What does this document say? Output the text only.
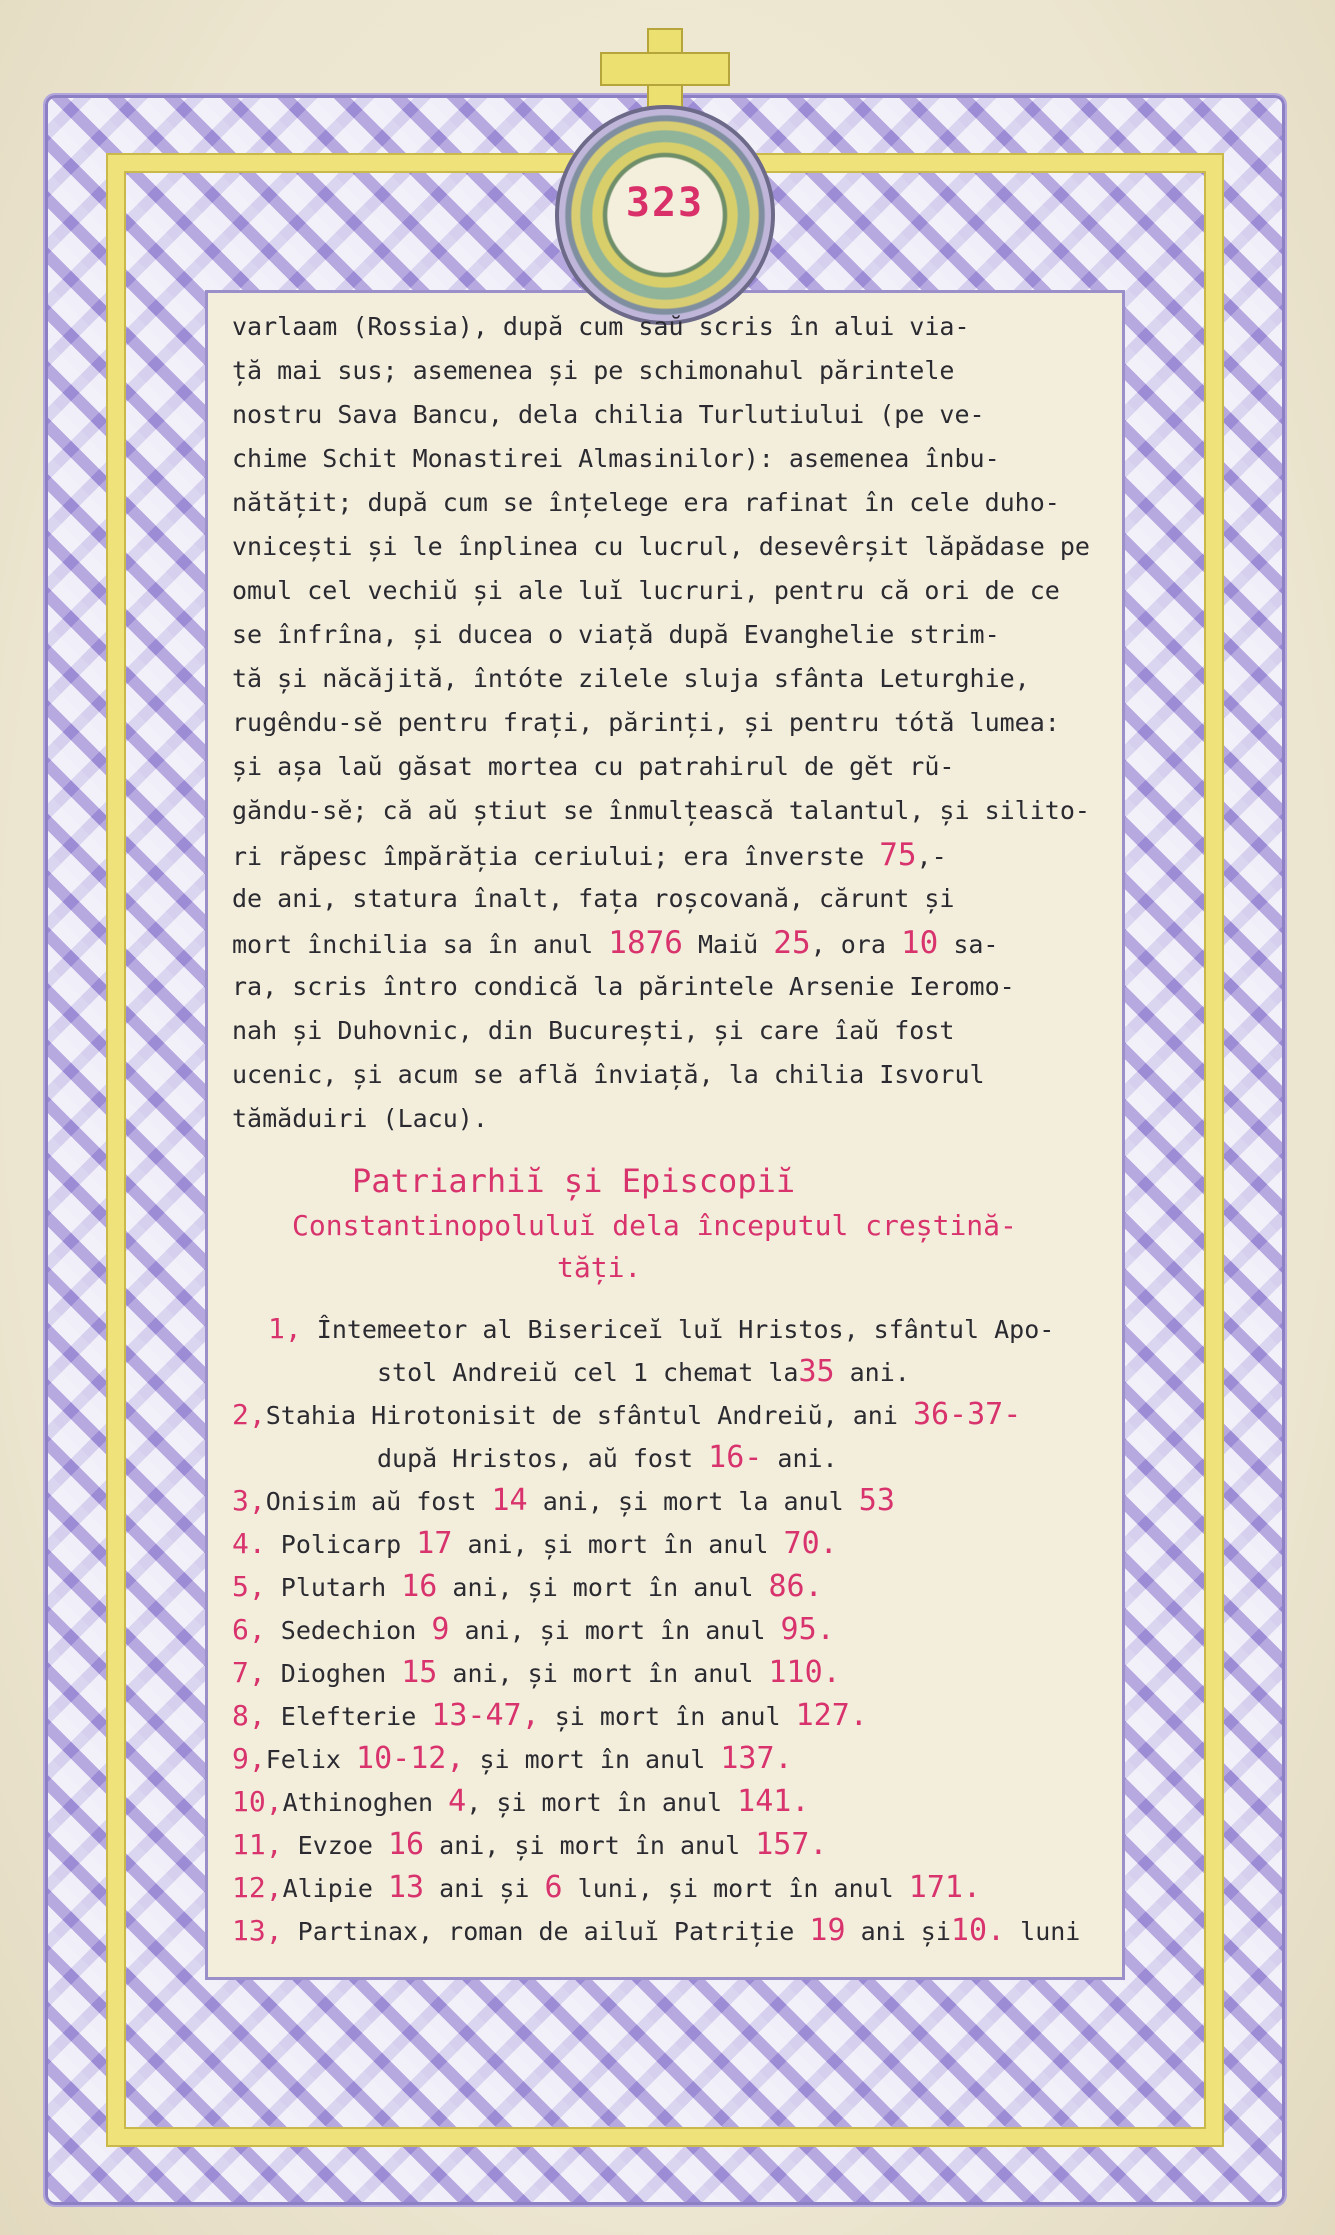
323
varlaam (Rossia), după cum saŭ scris în alui via-
ță mai sus; asemenea și pe schimonahul părintele
nostru Sava Bancu, dela chilia Turlutiului (pe ve-
chime Schit Monastirei Almasinilor): asemenea înbu-
nătățit; după cum se înțelege era rafinat în cele duho-
vnicești și le înplinea cu lucrul, desevêrșit lăpădase pe
omul cel vechiŭ și ale luĭ lucruri, pentru că ori de ce
se înfrîna, și ducea o viață după Evanghelie strim-
tă și năcăjită, întóte zilele sluja sfânta Leturghie,
rugêndu-sĕ pentru frați, părinți, și pentru tótă lumea:
și așa laŭ găsat mortea cu patrahirul de gĕt rŭ-
găndu-sĕ; că aŭ știut se înmulțească talantul, și silito-
ri răpesc împărăția ceriului; era înverste 75,-
de ani, statura înalt, fața roșcovană, cărunt și
mort închilia sa în anul 1876 Maiŭ 25, ora 10 sa-
ra, scris întro condică la părintele Arsenie Ieromo-
nah și Duhovnic, din București, și care îaŭ fost
ucenic, și acum se află înviață, la chilia Isvorul
tămăduiri (Lacu).
Patriarhiĭ și Episcopiĭ
Constantinopoluluĭ dela începutul creștină-
tăți.
1, Întemeetor al Bisericeĭ luĭ Hristos, sfântul Apo-
stol Andreiŭ cel 1 chemat la35 ani.
2,Stahia Hirotonisit de sfântul Andreiŭ, ani 36-37-
după Hristos, aŭ fost 16- ani.
3,Onisim aŭ fost 14 ani, și mort la anul 53
4. Policarp 17 ani, și mort în anul 70.
5, Plutarh 16 ani, și mort în anul 86.
6, Sedechion 9 ani, și mort în anul 95.
7, Dioghen 15 ani, și mort în anul 110.
8, Elefterie 13-47, și mort în anul 127.
9,Felix 10-12, și mort în anul 137.
10,Athinoghen 4, și mort în anul 141.
11, Evzoe 16 ani, și mort în anul 157.
12,Alipie 13 ani și 6 luni, și mort în anul 171.
13, Partinax, roman de ailuĭ Patriție 19 ani și10. luni
